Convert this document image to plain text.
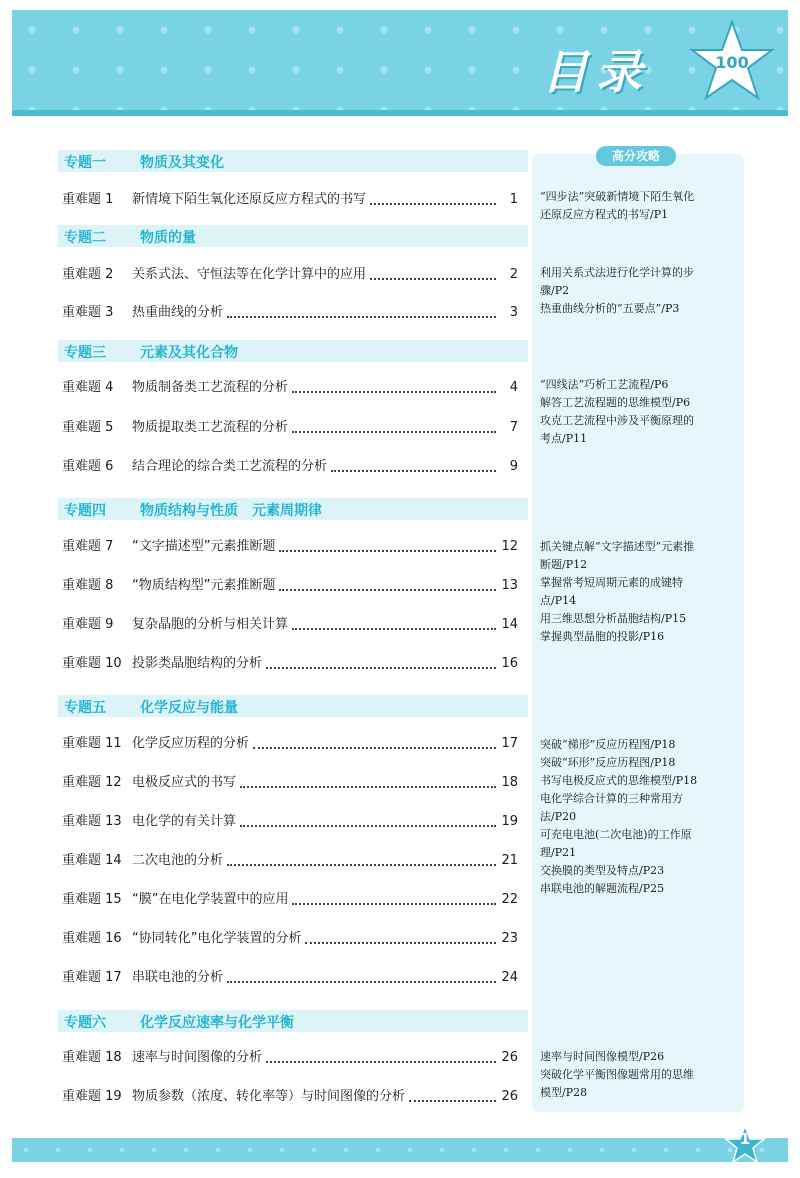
目录	100
高分攻略
“四步法”突破新情境下陌生氧化
还原反应方程式的书写/P1
利用关系式法进行化学计算的步
骤/P2
热重曲线分析的“五要点”/P3
“四线法”巧析工艺流程/P6
解答工艺流程题的思维模型/P6
攻克工艺流程中涉及平衡原理的
考点/P11
抓关键点解“文字描述型”元素推
断题/P12
掌握常考短周期元素的成键特
点/P14
用三维思想分析晶胞结构/P15
掌握典型晶胞的投影/P16
突破“梯形”反应历程图/P18
突破“环形”反应历程图/P18
书写电极反应式的思维模型/P18
电化学综合计算的三种常用方
法/P20
可充电电池(二次电池)的工作原
理/P21
交换膜的类型及特点/P23
串联电池的解题流程/P25
速率与时间图像模型/P26
突破化学平衡图像题常用的思维
模型/P28
专题一 物质及其变化
专题二 物质的量
专题三 元素及其化合物
专题四 物质结构与性质　元素周期律
专题五 化学反应与能量
专题六 化学反应速率与化学平衡
重难题 1	新情境下陌生氧化还原反应方程式的书写	1
重难题 2	关系式法、守恒法等在化学计算中的应用	2
重难题 3	热重曲线的分析	3
重难题 4	物质制备类工艺流程的分析	4
重难题 5	物质提取类工艺流程的分析	7
重难题 6	结合理论的综合类工艺流程的分析	9
重难题 7	“文字描述型”元素推断题	12
重难题 8	“物质结构型”元素推断题	13
重难题 9	复杂晶胞的分析与相关计算	14
重难题 10 投影类晶胞结构的分析	16
重难题 11 化学反应历程的分析	17
重难题 12 电极反应式的书写	18
重难题 13 电化学的有关计算	19
重难题 14 二次电池的分析	21
重难题 15 “膜”在电化学装置中的应用	22
重难题 16 “协同转化”电化学装置的分析	23
重难题 17 串联电池的分析	24
重难题 18 速率与时间图像的分析	26
重难题 19 物质参数（浓度、转化率等）与时间图像的分析	26
1
